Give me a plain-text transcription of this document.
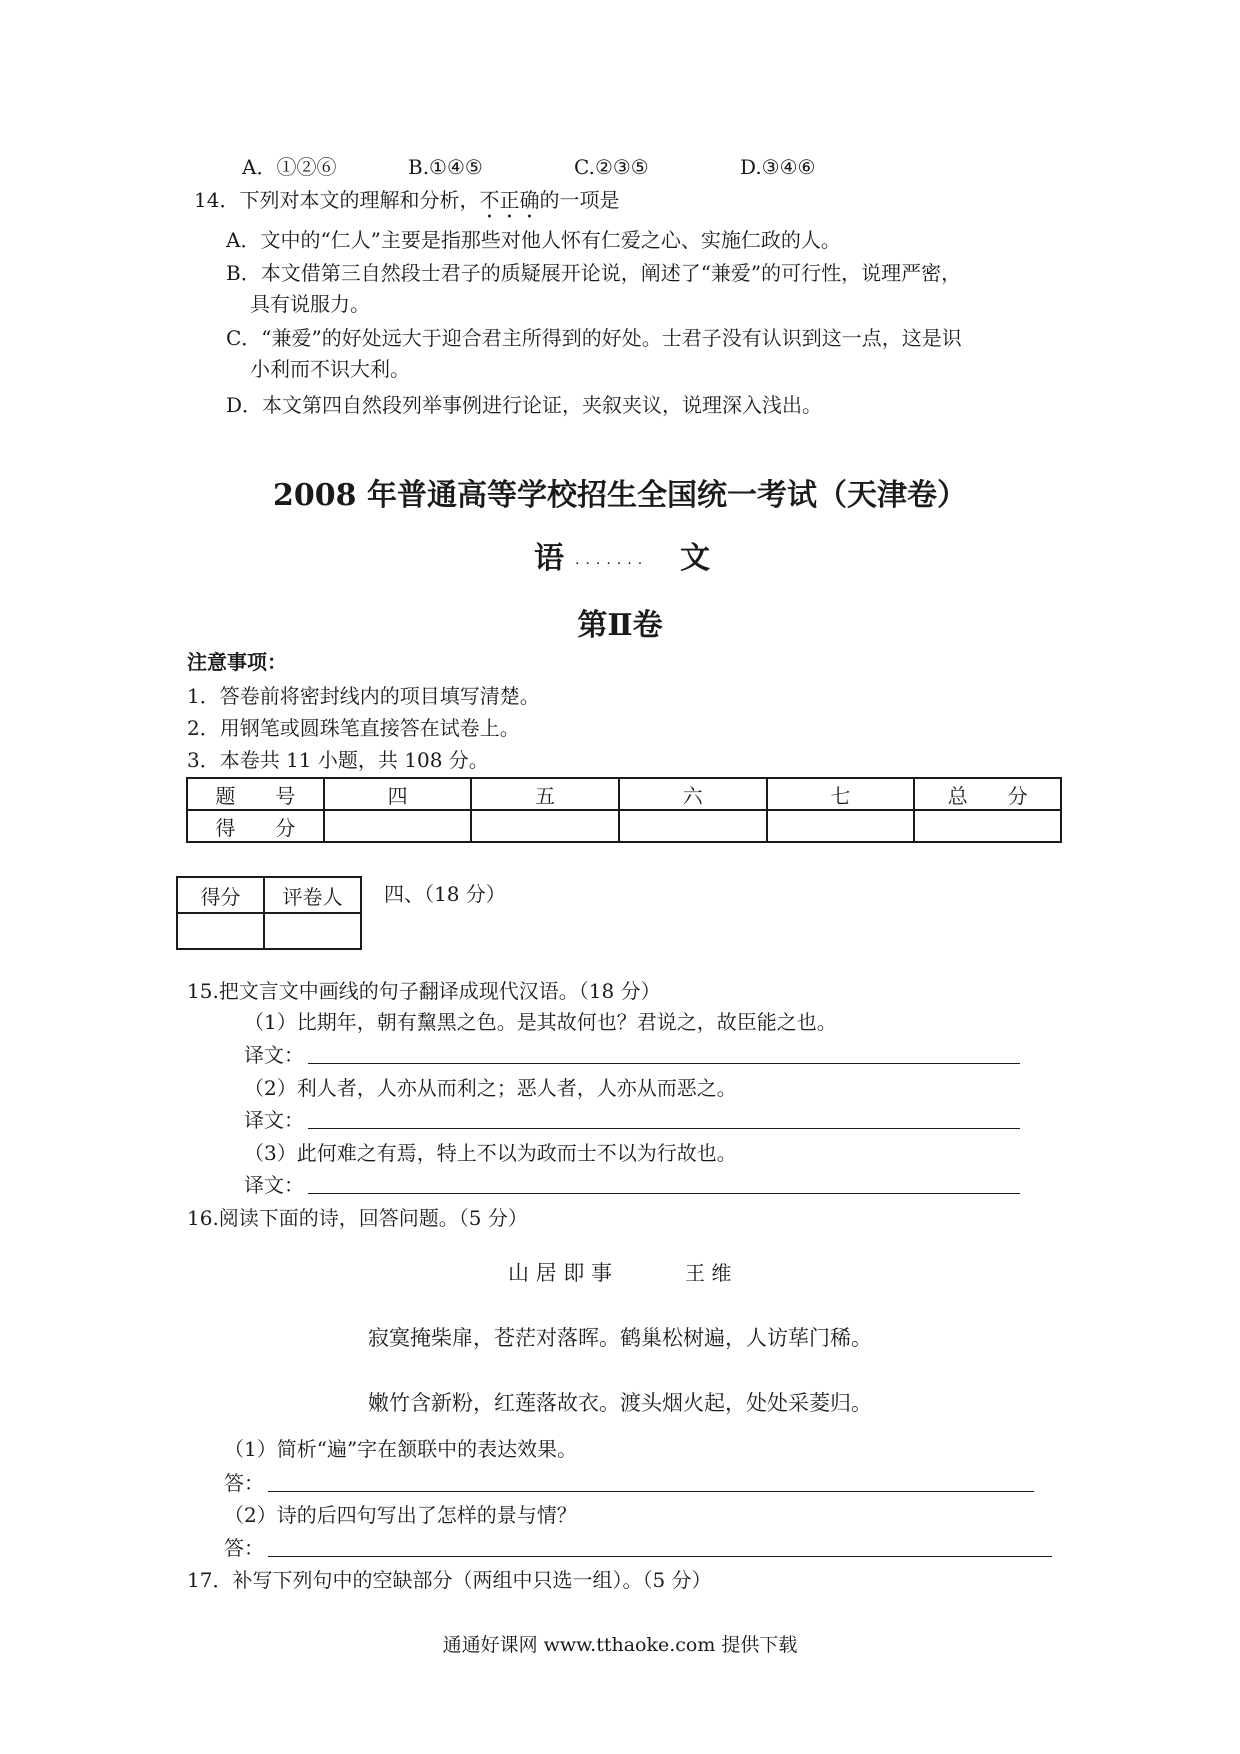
A．①②⑥	B.①④⑤	C.②③⑤	D.③④⑥
14．下列对本文的理解和分析，不正确的一项是
A．文中的“仁人”主要是指那些对他人怀有仁爱之心、实施仁政的人。
B．本文借第三自然段士君子的质疑展开论说，阐述了“兼爱”的可行性，说理严密，
具有说服力。
C．“兼爱”的好处远大于迎合君主所得到的好处。士君子没有认识到这一点，这是识
小利而不识大利。
D．本文第四自然段列举事例进行论证，夹叙夹议，说理深入浅出。
2008 年普通高等学校招生全国统一考试（天津卷）
语 ....... 文
第Ⅱ卷
注意事项：
1．答卷前将密封线内的项目填写清楚。
2．用钢笔或圆珠笔直接答在试卷上。
3．本卷共 11 小题，共 108 分。
题　　号	四	五	六	七	总　　分
得　　分					
得分	评卷人
	四、（18 分）
15.把文言文中画线的句子翻译成现代汉语。（18 分）
（1）比期年，朝有黧黑之色。是其故何也？君说之，故臣能之也。
译文：
（2）利人者，人亦从而利之；恶人者，人亦从而恶之。
译文：
（3）此何难之有焉，特上不以为政而士不以为行故也。
译文：
16.阅读下面的诗，回答问题。（5 分）
山 居 即 事	王 维
寂寞掩柴扉，苍茫对落晖。鹤巢松树遍，人访荜门稀。
嫩竹含新粉，红莲落故衣。渡头烟火起，处处采菱归。
（1）简析“遍”字在颔联中的表达效果。
答：
（2）诗的后四句写出了怎样的景与情？
答：
17．补写下列句中的空缺部分（两组中只选一组）。（5 分）
通通好课网 www.tthaoke.com 提供下载
